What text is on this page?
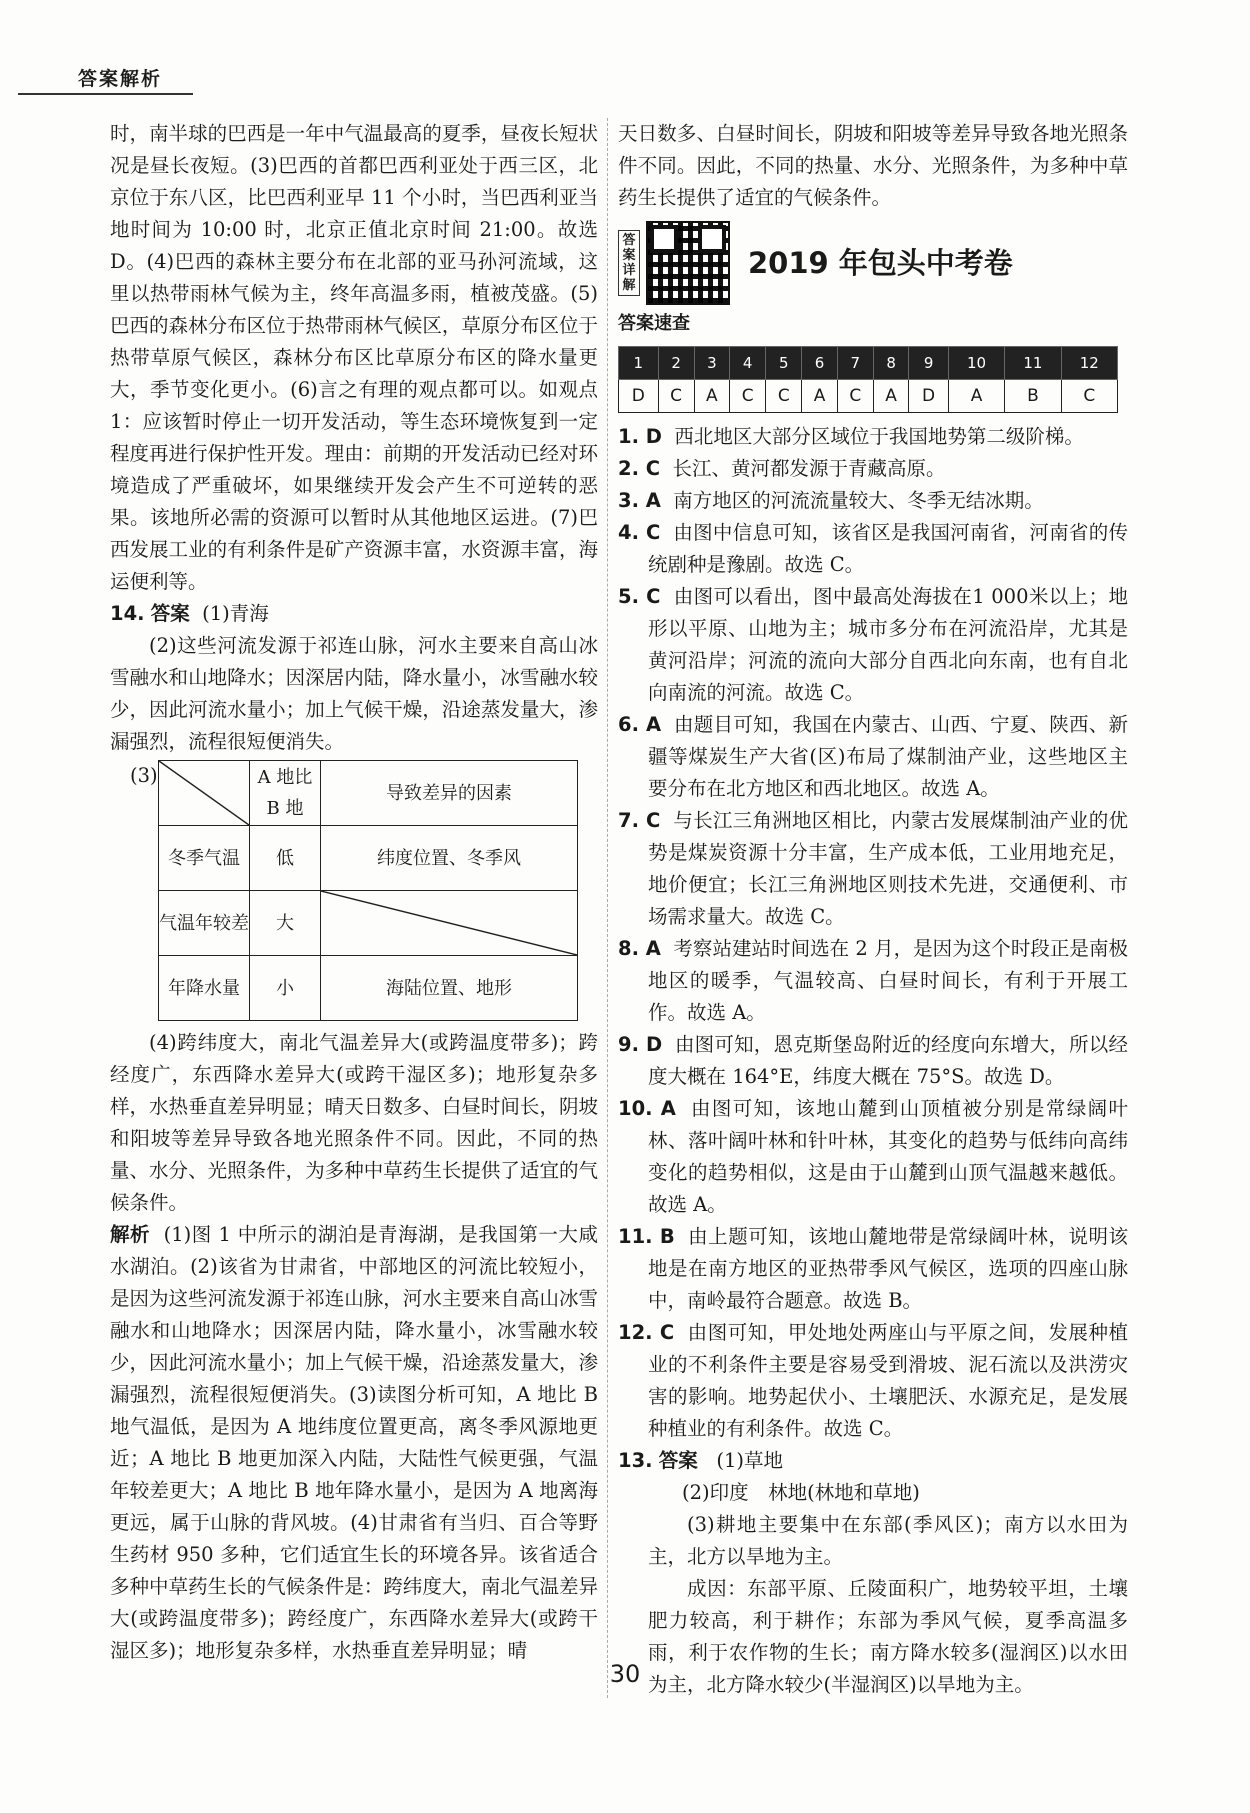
答案解析

时，南半球的巴西是一年中气温最高的夏季，昼夜长短状况是昼长夜短。(3)巴西的首都巴西利亚处于西三区，北京位于东八区，比巴西利亚早 11 个小时，当巴西利亚当地时间为 10:00 时，北京正值北京时间 21:00。故选 D。(4)巴西的森林主要分布在北部的亚马孙河流域，这里以热带雨林气候为主，终年高温多雨，植被茂盛。(5)巴西的森林分布区位于热带雨林气候区，草原分布区位于热带草原气候区，森林分布区比草原分布区的降水量更大，季节变化更小。(6)言之有理的观点都可以。如观点 1：应该暂时停止一切开发活动，等生态环境恢复到一定程度再进行保护性开发。理由：前期的开发活动已经对环境造成了严重破坏，如果继续开发会产生不可逆转的恶果。该地所必需的资源可以暂时从其他地区运进。(7)巴西发展工业的有利条件是矿产资源丰富，水资源丰富，海运便利等。

14. 答案 (1)青海

(2)这些河流发源于祁连山脉，河水主要来自高山冰雪融水和山地降水；因深居内陆，降水量小，冰雪融水较少，因此河流水量小；加上气候干燥，沿途蒸发量大，渗漏强烈，流程很短便消失。

(3)
		A 地比 B 地	导致差异的因素
冬季气温	低	纬度位置、冬季风
气温年较差	大	

年降水量	小	海陆位置、地形

(4)跨纬度大，南北气温差异大(或跨温度带多)；跨经度广，东西降水差异大(或跨干湿区多)；地形复杂多样，水热垂直差异明显；晴天日数多、白昼时间长，阴坡和阳坡等差异导致各地光照条件不同。因此，不同的热量、水分、光照条件，为多种中草药生长提供了适宜的气候条件。

解析 (1)图 1 中所示的湖泊是青海湖，是我国第一大咸水湖泊。(2)该省为甘肃省，中部地区的河流比较短小，是因为这些河流发源于祁连山脉，河水主要来自高山冰雪融水和山地降水；因深居内陆，降水量小，冰雪融水较少，因此河流水量小；加上气候干燥，沿途蒸发量大，渗漏强烈，流程很短便消失。(3)读图分析可知，A 地比 B 地气温低，是因为 A 地纬度位置更高，离冬季风源地更近；A 地比 B 地更加深入内陆，大陆性气候更强，气温年较差更大；A 地比 B 地年降水量小，是因为 A 地离海更远，属于山脉的背风坡。(4)甘肃省有当归、百合等野生药材 950 多种，它们适宜生长的环境各异。该省适合多种中草药生长的气候条件是：跨纬度大，南北气温差异大(或跨温度带多)；跨经度广，东西降水差异大(或跨干湿区多)；地形复杂多样，水热垂直差异明显；晴

天日数多、白昼时间长，阴坡和阳坡等差异导致各地光照条件不同。因此，不同的热量、水分、光照条件，为多种中草药生长提供了适宜的气候条件。

答案详解
2019 年包头中考卷
答案速查
1	2	3	4	5	6	7	8	9	10	11	12
D	C	A	C	C	A	C	A	D	A	B	C

1. D 西北地区大部分区域位于我国地势第二级阶梯。

2. C 长江、黄河都发源于青藏高原。

3. A 南方地区的河流流量较大、冬季无结冰期。

4. C 由图中信息可知，该省区是我国河南省，河南省的传统剧种是豫剧。故选 C。

5. C 由图可以看出，图中最高处海拔在1 000米以上；地形以平原、山地为主；城市多分布在河流沿岸，尤其是黄河沿岸；河流的流向大部分自西北向东南，也有自北向南流的河流。故选 C。

6. A 由题目可知，我国在内蒙古、山西、宁夏、陕西、新疆等煤炭生产大省(区)布局了煤制油产业，这些地区主要分布在北方地区和西北地区。故选 A。

7. C 与长江三角洲地区相比，内蒙古发展煤制油产业的优势是煤炭资源十分丰富，生产成本低，工业用地充足，地价便宜；长江三角洲地区则技术先进，交通便利、市场需求量大。故选 C。

8. A 考察站建站时间选在 2 月，是因为这个时段正是南极地区的暖季，气温较高、白昼时间长，有利于开展工作。故选 A。

9. D 由图可知，恩克斯堡岛附近的经度向东增大，所以经度大概在 164°E，纬度大概在 75°S。故选 D。

10. A 由图可知，该地山麓到山顶植被分别是常绿阔叶林、落叶阔叶林和针叶林，其变化的趋势与低纬向高纬变化的趋势相似，这是由于山麓到山顶气温越来越低。故选 A。

11. B 由上题可知，该地山麓地带是常绿阔叶林，说明该地是在南方地区的亚热带季风气候区，选项的四座山脉中，南岭最符合题意。故选 B。

12. C 由图可知，甲处地处两座山与平原之间，发展种植业的不利条件主要是容易受到滑坡、泥石流以及洪涝灾害的影响。地势起伏小、土壤肥沃、水源充足，是发展种植业的有利条件。故选 C。

13. 答案 (1)草地

(2)印度　林地(林地和草地)

(3)耕地主要集中在东部(季风区)；南方以水田为主，北方以旱地为主。

成因：东部平原、丘陵面积广，地势较平坦，土壤肥力较高，利于耕作；东部为季风气候，夏季高温多雨，利于农作物的生长；南方降水较多(湿润区)以水田为主，北方降水较少(半湿润区)以旱地为主。

30
